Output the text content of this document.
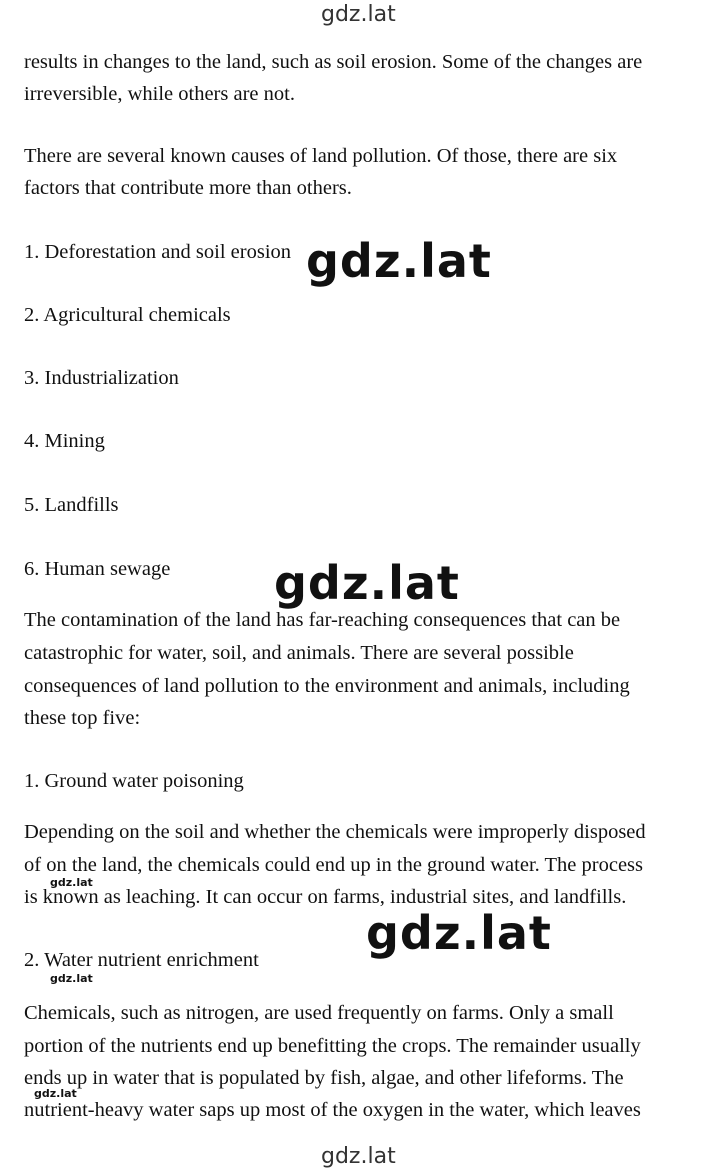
gdz.lat
gdz.lat
gdz.lat
gdz.lat
gdz.lat
gdz.lat
gdz.lat
gdz.lat
results in changes to the land, such as soil erosion. Some of the changes are
irreversible, while others are not.
There are several known causes of land pollution. Of those, there are six
factors that contribute more than others.
1. Deforestation and soil erosion
2. Agricultural chemicals
3. Industrialization
4. Mining
5. Landfills
6. Human sewage
The contamination of the land has far-reaching consequences that can be
catastrophic for water, soil, and animals. There are several possible
consequences of land pollution to the environment and animals, including
these top five:
1. Ground water poisoning
Depending on the soil and whether the chemicals were improperly disposed
of on the land, the chemicals could end up in the ground water. The process
is known as leaching. It can occur on farms, industrial sites, and landfills.
2. Water nutrient enrichment
Chemicals, such as nitrogen, are used frequently on farms. Only a small
portion of the nutrients end up benefitting the crops. The remainder usually
ends up in water that is populated by fish, algae, and other lifeforms. The
nutrient-heavy water saps up most of the oxygen in the water, which leaves
